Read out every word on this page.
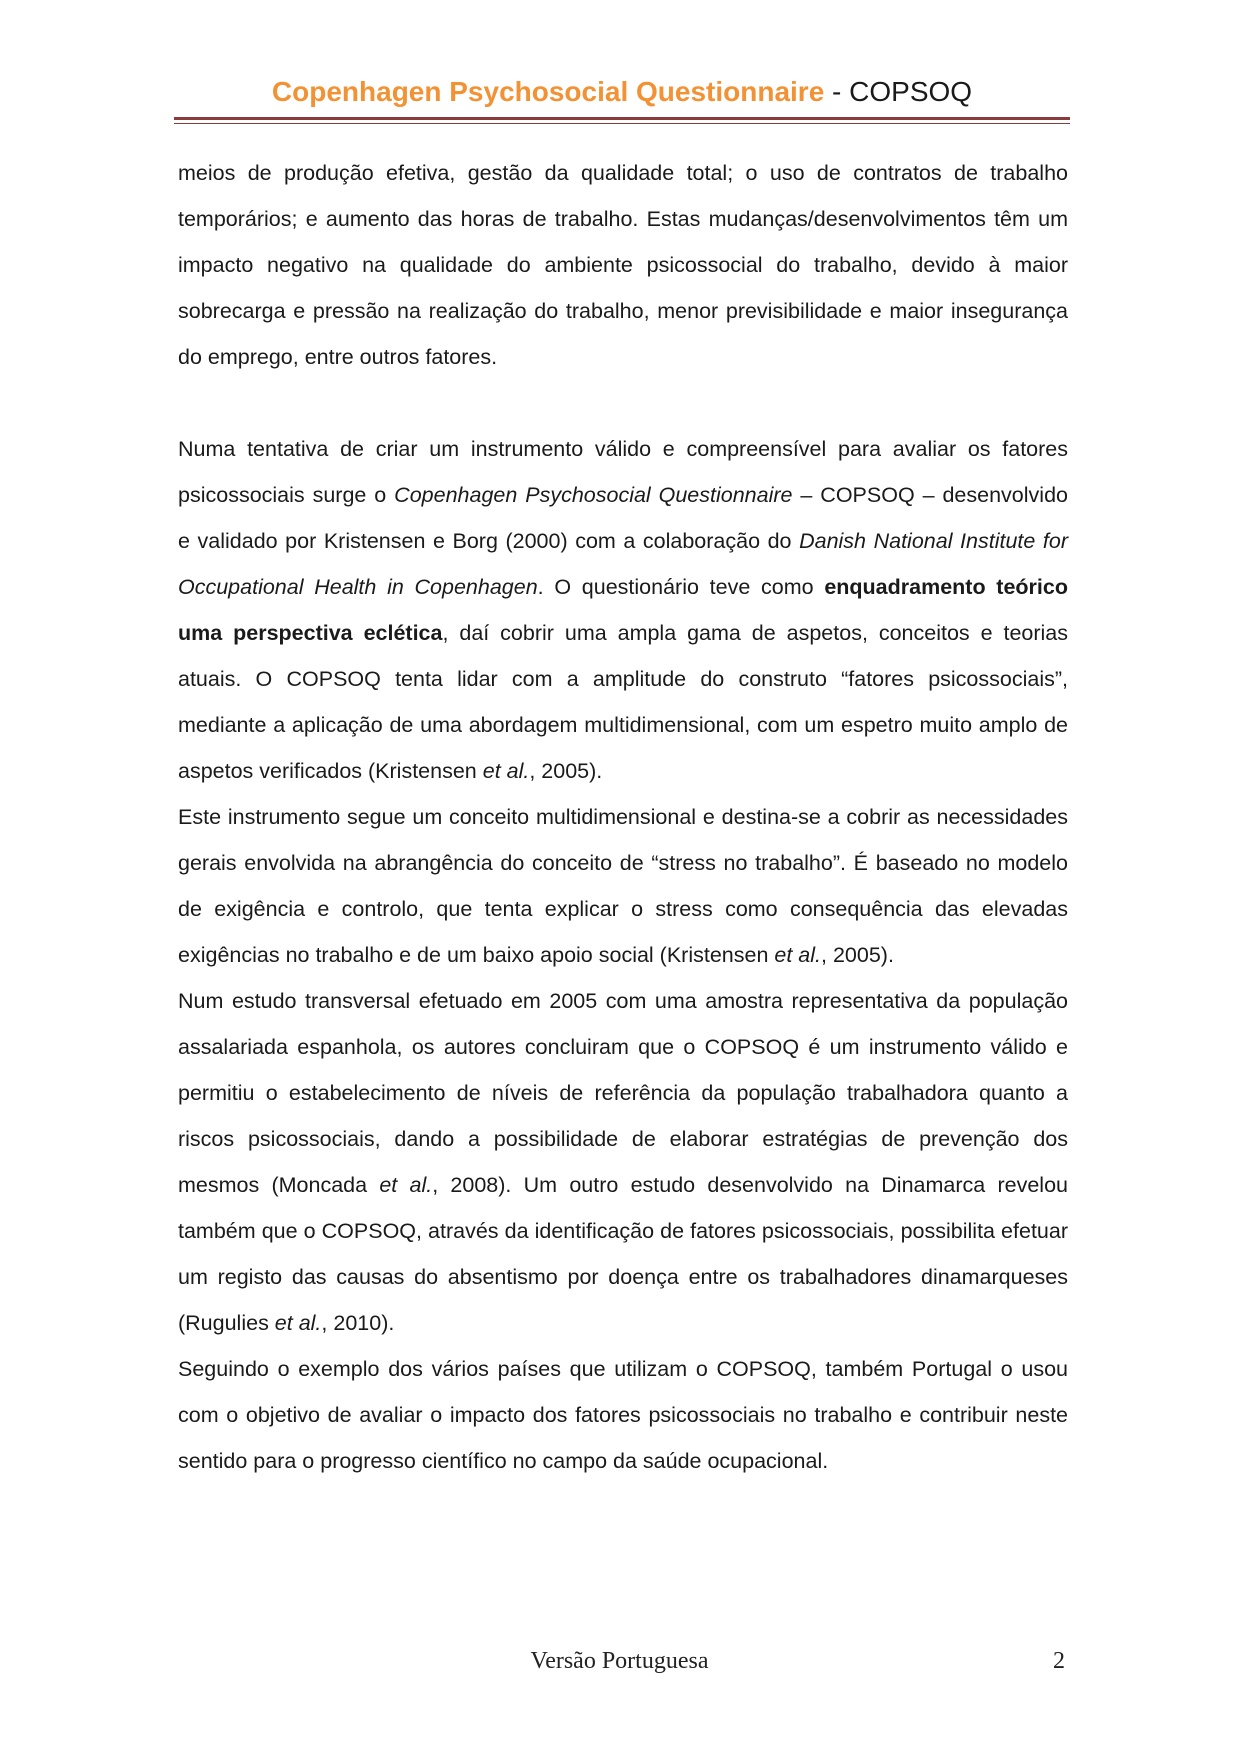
Copenhagen Psychosocial Questionnaire - COPSOQ

meios de produção efetiva, gestão da qualidade total; o uso de contratos de trabalho temporários; e aumento das horas de trabalho. Estas mudanças/desenvolvimentos têm um impacto negativo na qualidade do ambiente psicossocial do trabalho, devido à maior sobrecarga e pressão na realização do trabalho, menor previsibilidade e maior insegurança do emprego, entre outros fatores.

Numa tentativa de criar um instrumento válido e compreensível para avaliar os fatores psicossociais surge o Copenhagen Psychosocial Questionnaire – COPSOQ – desenvolvido e validado por Kristensen e Borg (2000) com a colaboração do Danish National Institute for Occupational Health in Copenhagen. O questionário teve como enquadramento teórico uma perspectiva eclética, daí cobrir uma ampla gama de aspetos, conceitos e teorias atuais. O COPSOQ tenta lidar com a amplitude do construto “fatores psicossociais”, mediante a aplicação de uma abordagem multidimensional, com um espetro muito amplo de aspetos verificados (Kristensen et al., 2005).

Este instrumento segue um conceito multidimensional e destina-se a cobrir as necessidades gerais envolvida na abrangência do conceito de “stress no trabalho”. É baseado no modelo de exigência e controlo, que tenta explicar o stress como consequência das elevadas exigências no trabalho e de um baixo apoio social (Kristensen et al., 2005).

Num estudo transversal efetuado em 2005 com uma amostra representativa da população assalariada espanhola, os autores concluiram que o COPSOQ é um instrumento válido e permitiu o estabelecimento de níveis de referência da população trabalhadora quanto a riscos psicossociais, dando a possibilidade de elaborar estratégias de prevenção dos mesmos (Moncada et al., 2008). Um outro estudo desenvolvido na Dinamarca revelou também que o COPSOQ, através da identificação de fatores psicossociais, possibilita efetuar um registo das causas do absentismo por doença entre os trabalhadores dinamarqueses (Rugulies et al., 2010).

Seguindo o exemplo dos vários países que utilizam o COPSOQ, também Portugal o usou com o objetivo de avaliar o impacto dos fatores psicossociais no trabalho e contribuir neste sentido para o progresso científico no campo da saúde ocupacional.

Versão Portuguesa	2
